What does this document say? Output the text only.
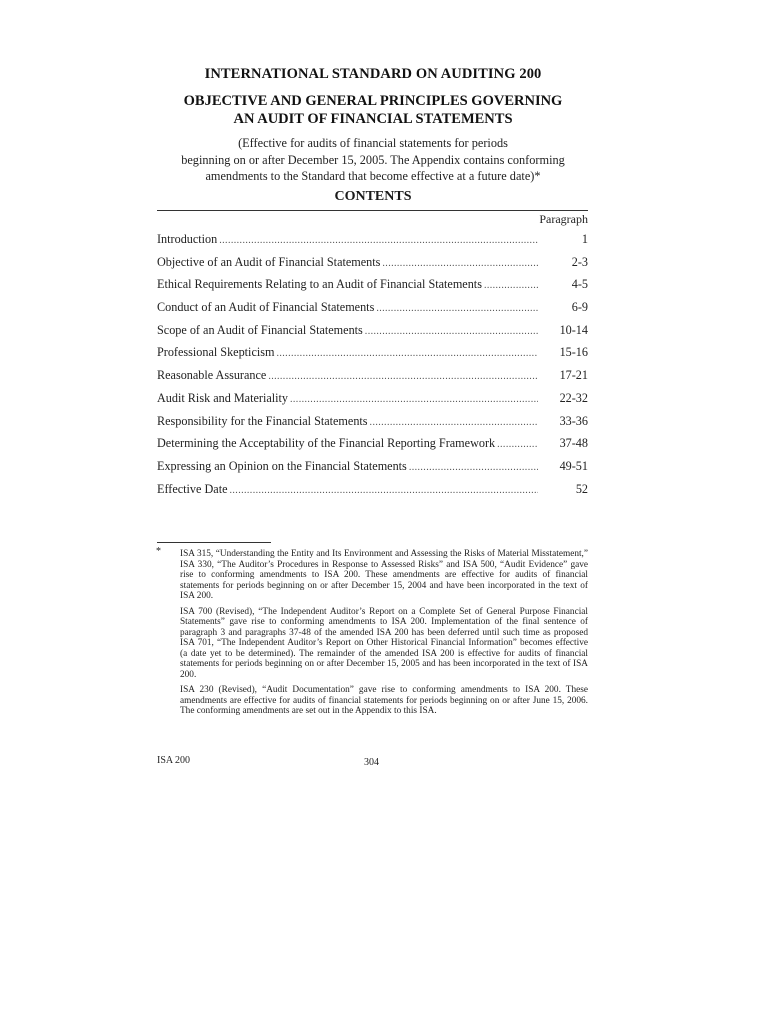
INTERNATIONAL STANDARD ON AUDITING 200
OBJECTIVE AND GENERAL PRINCIPLES GOVERNING
AN AUDIT OF FINANCIAL STATEMENTS
(Effective for audits of financial statements for periods
beginning on or after December 15, 2005. The Appendix contains conforming
amendments to the Standard that become effective at a future date)*
CONTENTS
Paragraph
Introduction .....	1
Objective of an Audit of Financial Statements .....	2-3
Ethical Requirements Relating to an Audit of Financial Statements .....	4-5
Conduct of an Audit of Financial Statements .....	6-9
Scope of an Audit of Financial Statements .....	10-14
Professional Skepticism .....	15-16
Reasonable Assurance .....	17-21
Audit Risk and Materiality .....	22-32
Responsibility for the Financial Statements .....	33-36
Determining the Acceptability of the Financial Reporting Framework .....	37-48
Expressing an Opinion on the Financial Statements .....	49-51
Effective Date .....	52
* ISA 315, “Understanding the Entity and Its Environment and Assessing the Risks of Material Misstatement,” ISA 330, “The Auditor’s Procedures in Response to Assessed Risks” and ISA 500, “Audit Evidence” gave rise to conforming amendments to ISA 200. These amendments are effective for audits of financial statements for periods beginning on or after December 15, 2004 and have been incorporated in the text of ISA 200.

ISA 700 (Revised), “The Independent Auditor’s Report on a Complete Set of General Purpose Financial Statements” gave rise to conforming amendments to ISA 200. Implementation of the final sentence of paragraph 3 and paragraphs 37-48 of the amended ISA 200 has been deferred until such time as proposed ISA 701, “The Independent Auditor’s Report on Other Historical Financial Information” becomes effective (a date yet to be determined). The remainder of the amended ISA 200 is effective for audits of financial statements for periods beginning on or after December 15, 2005 and has been incorporated in the text of ISA 200.

ISA 230 (Revised), “Audit Documentation” gave rise to conforming amendments to ISA 200. These amendments are effective for audits of financial statements for periods beginning on or after June 15, 2006. The conforming amendments are set out in the Appendix to this ISA.

ISA 200	304
